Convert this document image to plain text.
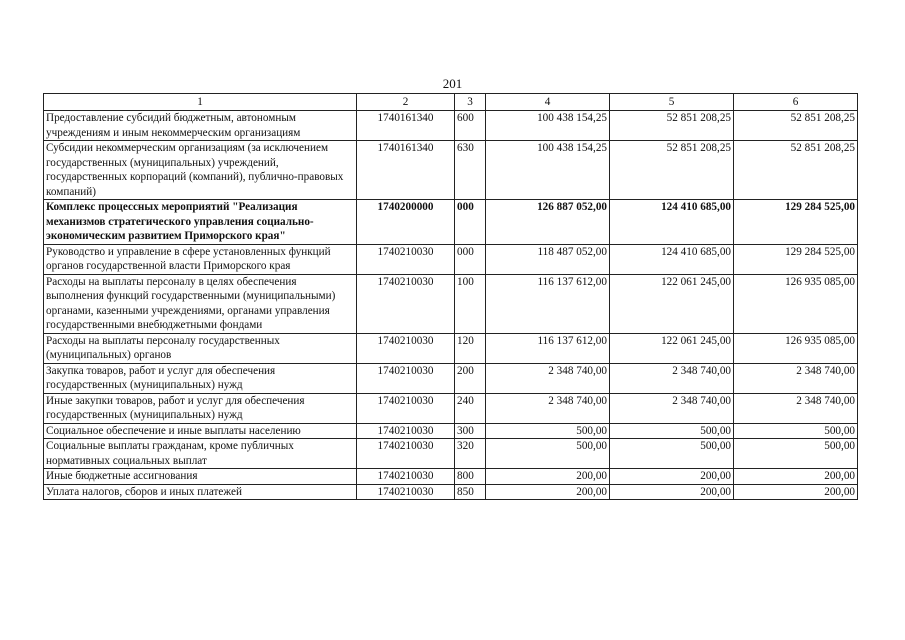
201
1	2	3	4	5	6
Предоставление субсидий бюджетным, автономным учреждениям и иным некоммерческим организациям	1740161340	600	100 438 154,25	52 851 208,25	52 851 208,25
Субсидии некоммерческим организациям (за исключением государственных (муниципальных) учреждений, государственных корпораций (компаний), публично-правовых компаний)	1740161340	630	100 438 154,25	52 851 208,25	52 851 208,25
Комплекс процессных мероприятий "Реализация механизмов стратегического управления социально-экономическим развитием Приморского края"	1740200000	000	126 887 052,00	124 410 685,00	129 284 525,00
Руководство и управление в сфере установленных функций органов государственной власти Приморского края	1740210030	000	118 487 052,00	124 410 685,00	129 284 525,00
Расходы на выплаты персоналу в целях обеспечения выполнения функций государственными (муниципальными) органами, казенными учреждениями, органами управления государственными внебюджетными фондами	1740210030	100	116 137 612,00	122 061 245,00	126 935 085,00
Расходы на выплаты персоналу государственных (муниципальных) органов	1740210030	120	116 137 612,00	122 061 245,00	126 935 085,00
Закупка товаров, работ и услуг для обеспечения государственных (муниципальных) нужд	1740210030	200	2 348 740,00	2 348 740,00	2 348 740,00
Иные закупки товаров, работ и услуг для обеспечения государственных (муниципальных) нужд	1740210030	240	2 348 740,00	2 348 740,00	2 348 740,00
Социальное обеспечение и иные выплаты населению	1740210030	300	500,00	500,00	500,00
Социальные выплаты гражданам, кроме публичных нормативных социальных выплат	1740210030	320	500,00	500,00	500,00
Иные бюджетные ассигнования	1740210030	800	200,00	200,00	200,00
Уплата налогов, сборов и иных платежей	1740210030	850	200,00	200,00	200,00
